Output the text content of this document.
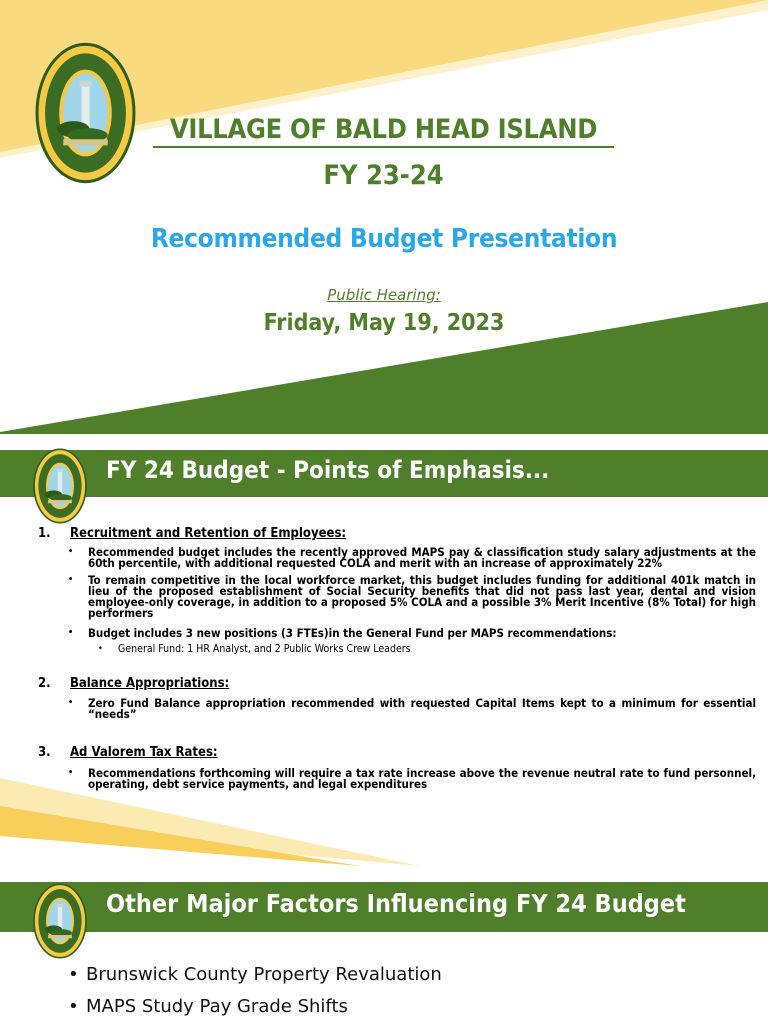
VILLAGE OF BALD HEAD ISLAND
FY 23-24
Recommended Budget Presentation
Public Hearing:
Friday, May 19, 2023
FY 24 Budget - Points of Emphasis...
1. Recruitment and Retention of Employees:
• Recommended budget includes the recently approved MAPS pay & classification study salary adjustments at the 60th percentile, with additional requested COLA and merit with an increase of approximately 22%
• To remain competitive in the local workforce market, this budget includes funding for additional 401k match in lieu of the proposed establishment of Social Security benefits that did not pass last year, dental and vision employee-only coverage, in addition to a proposed 5% COLA and a possible 3% Merit Incentive (8% Total) for high performers
• Budget includes 3 new positions (3 FTEs)in the General Fund per MAPS recommendations:
• General Fund: 1 HR Analyst, and 2 Public Works Crew Leaders
2. Balance Appropriations:
• Zero Fund Balance appropriation recommended with requested Capital Items kept to a minimum for essential “needs”
3. Ad Valorem Tax Rates:
• Recommendations forthcoming will require a tax rate increase above the revenue neutral rate to fund personnel, operating, debt service payments, and legal expenditures
Other Major Factors Influencing FY 24 Budget
• Brunswick County Property Revaluation
• MAPS Study Pay Grade Shifts
